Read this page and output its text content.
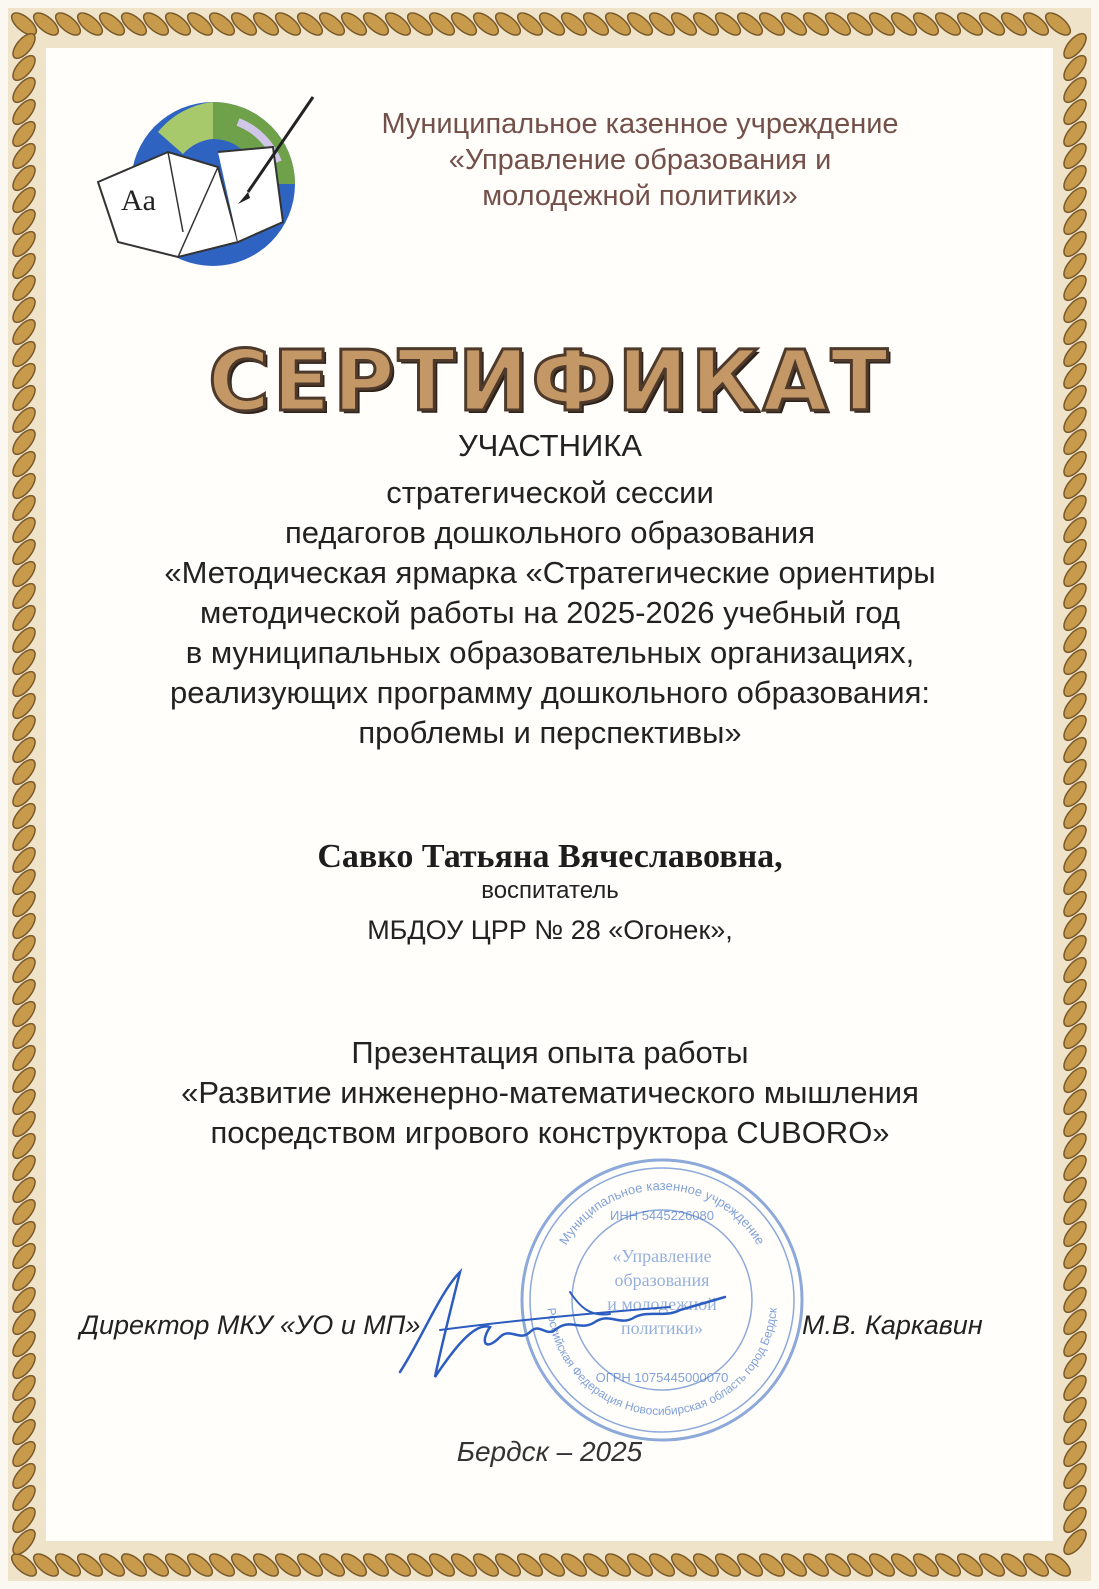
Aa
Муниципальное казенное учреждение
«Управление образования и
молодежной политики»
СЕРТИФИКАТ
УЧАСТНИКА
стратегической сессии
педагогов дошкольного образования
«Методическая ярмарка «Стратегические ориентиры
методической работы на 2025-2026 учебный год
в муниципальных образовательных организациях,
реализующих программу дошкольного образования:
проблемы и перспективы»
Савко Татьяна Вячеславовна,
воспитатель
МБДОУ ЦРР № 28 «Огонек»,
Презентация опыта работы
«Развитие инженерно-математического мышления
посредством игрового конструктора CUBORO»
Муниципальное казенное учреждение
Российская Федерация Новосибирская область город Бердск
ИНН 5445226080
«Управление
образования
и молодежной
политики»
ОГРН 1075445000070
Директор МКУ «УО и МП»	М.В. Каркавин
Бердск – 2025
